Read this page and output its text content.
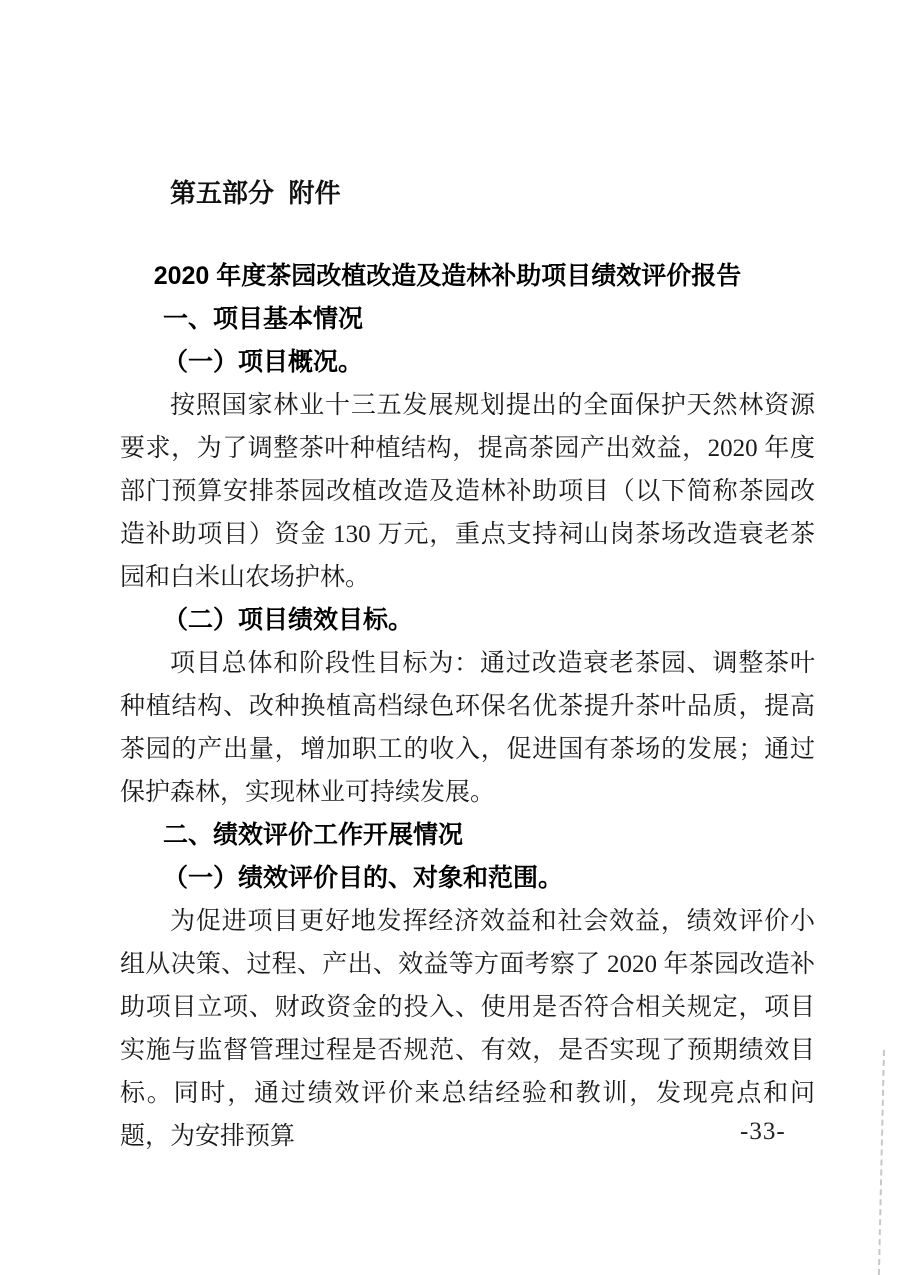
第五部分  附件
2020 年度茶园改植改造及造林补助项目绩效评价报告
一、项目基本情况
（一）项目概况。

按照国家林业十三五发展规划提出的全面保护天然林资源要求，为了调整茶叶种植结构，提高茶园产出效益，2020 年度部门预算安排茶园改植改造及造林补助项目（以下简称茶园改造补助项目）资金 130 万元，重点支持祠山岗茶场改造衰老茶园和白米山农场护林。

（二）项目绩效目标。

项目总体和阶段性目标为：通过改造衰老茶园、调整茶叶种植结构、改种换植高档绿色环保名优茶提升茶叶品质，提高茶园的产出量，增加职工的收入，促进国有茶场的发展；通过保护森林，实现林业可持续发展。

二、绩效评价工作开展情况
（一）绩效评价目的、对象和范围。

为促进项目更好地发挥经济效益和社会效益，绩效评价小组从决策、过程、产出、效益等方面考察了 2020 年茶园改造补助项目立项、财政资金的投入、使用是否符合相关规定，项目实施与监督管理过程是否规范、有效，是否实现了预期绩效目标。同时，通过绩效评价来总结经验和教训，发现亮点和问题，为安排预算	-33-
